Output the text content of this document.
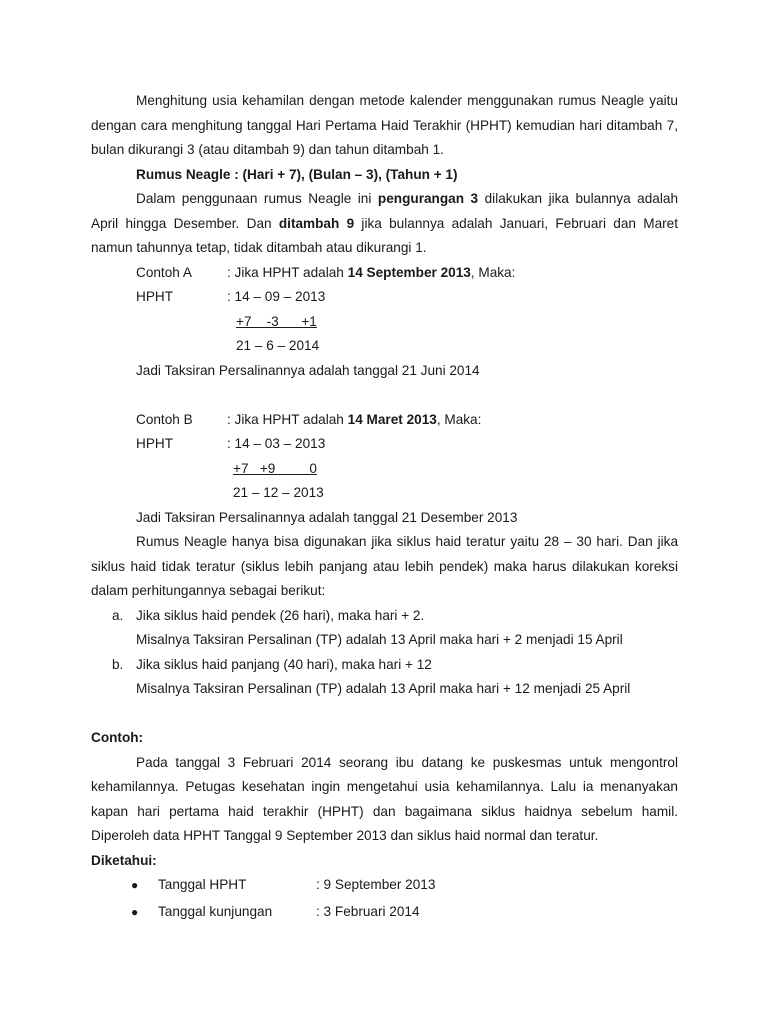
Menghitung usia kehamilan dengan metode kalender menggunakan rumus Neagle yaitu dengan cara menghitung tanggal Hari Pertama Haid Terakhir (HPHT) kemudian hari ditambah 7, bulan dikurangi 3 (atau ditambah 9) dan tahun ditambah 1.

Rumus Neagle : (Hari + 7), (Bulan – 3), (Tahun + 1)

Dalam penggunaan rumus Neagle ini pengurangan 3 dilakukan jika bulannya adalah April hingga Desember. Dan ditambah 9 jika bulannya adalah Januari, Februari dan Maret namun tahunnya tetap, tidak ditambah atau dikurangi 1.

Contoh A	: Jika HPHT adalah 14 September 2013, Maka:
HPHT	: 14 – 09 – 2013
+7    -3      +1
21 – 6 – 2014

Jadi Taksiran Persalinannya adalah tanggal 21 Juni 2014

Contoh B	: Jika HPHT adalah 14 Maret 2013, Maka:
HPHT	: 14 – 03 – 2013
+7   +9         0
21 – 12 – 2013

Jadi Taksiran Persalinannya adalah tanggal 21 Desember 2013

Rumus Neagle hanya bisa digunakan jika siklus haid teratur yaitu 28 – 30 hari. Dan jika siklus haid tidak teratur (siklus lebih panjang atau lebih pendek) maka harus dilakukan koreksi dalam perhitungannya sebagai berikut:

a. Jika siklus haid pendek (26 hari), maka hari + 2.

Misalnya Taksiran Persalinan (TP) adalah 13 April maka hari + 2 menjadi 15 April

b. Jika siklus haid panjang (40 hari), maka hari + 12

Misalnya Taksiran Persalinan (TP) adalah 13 April maka hari + 12 menjadi 25 April

Contoh:

Pada tanggal 3 Februari 2014 seorang ibu datang ke puskesmas untuk mengontrol kehamilannya. Petugas kesehatan ingin mengetahui usia kehamilannya. Lalu ia menanyakan kapan hari pertama haid terakhir (HPHT) dan bagaimana siklus haidnya sebelum hamil. Diperoleh data HPHT Tanggal 9 September 2013 dan siklus haid normal dan teratur.

Diketahui:

●	Tanggal HPHT	: 9 September 2013
●	Tanggal kunjungan	: 3 Februari 2014
